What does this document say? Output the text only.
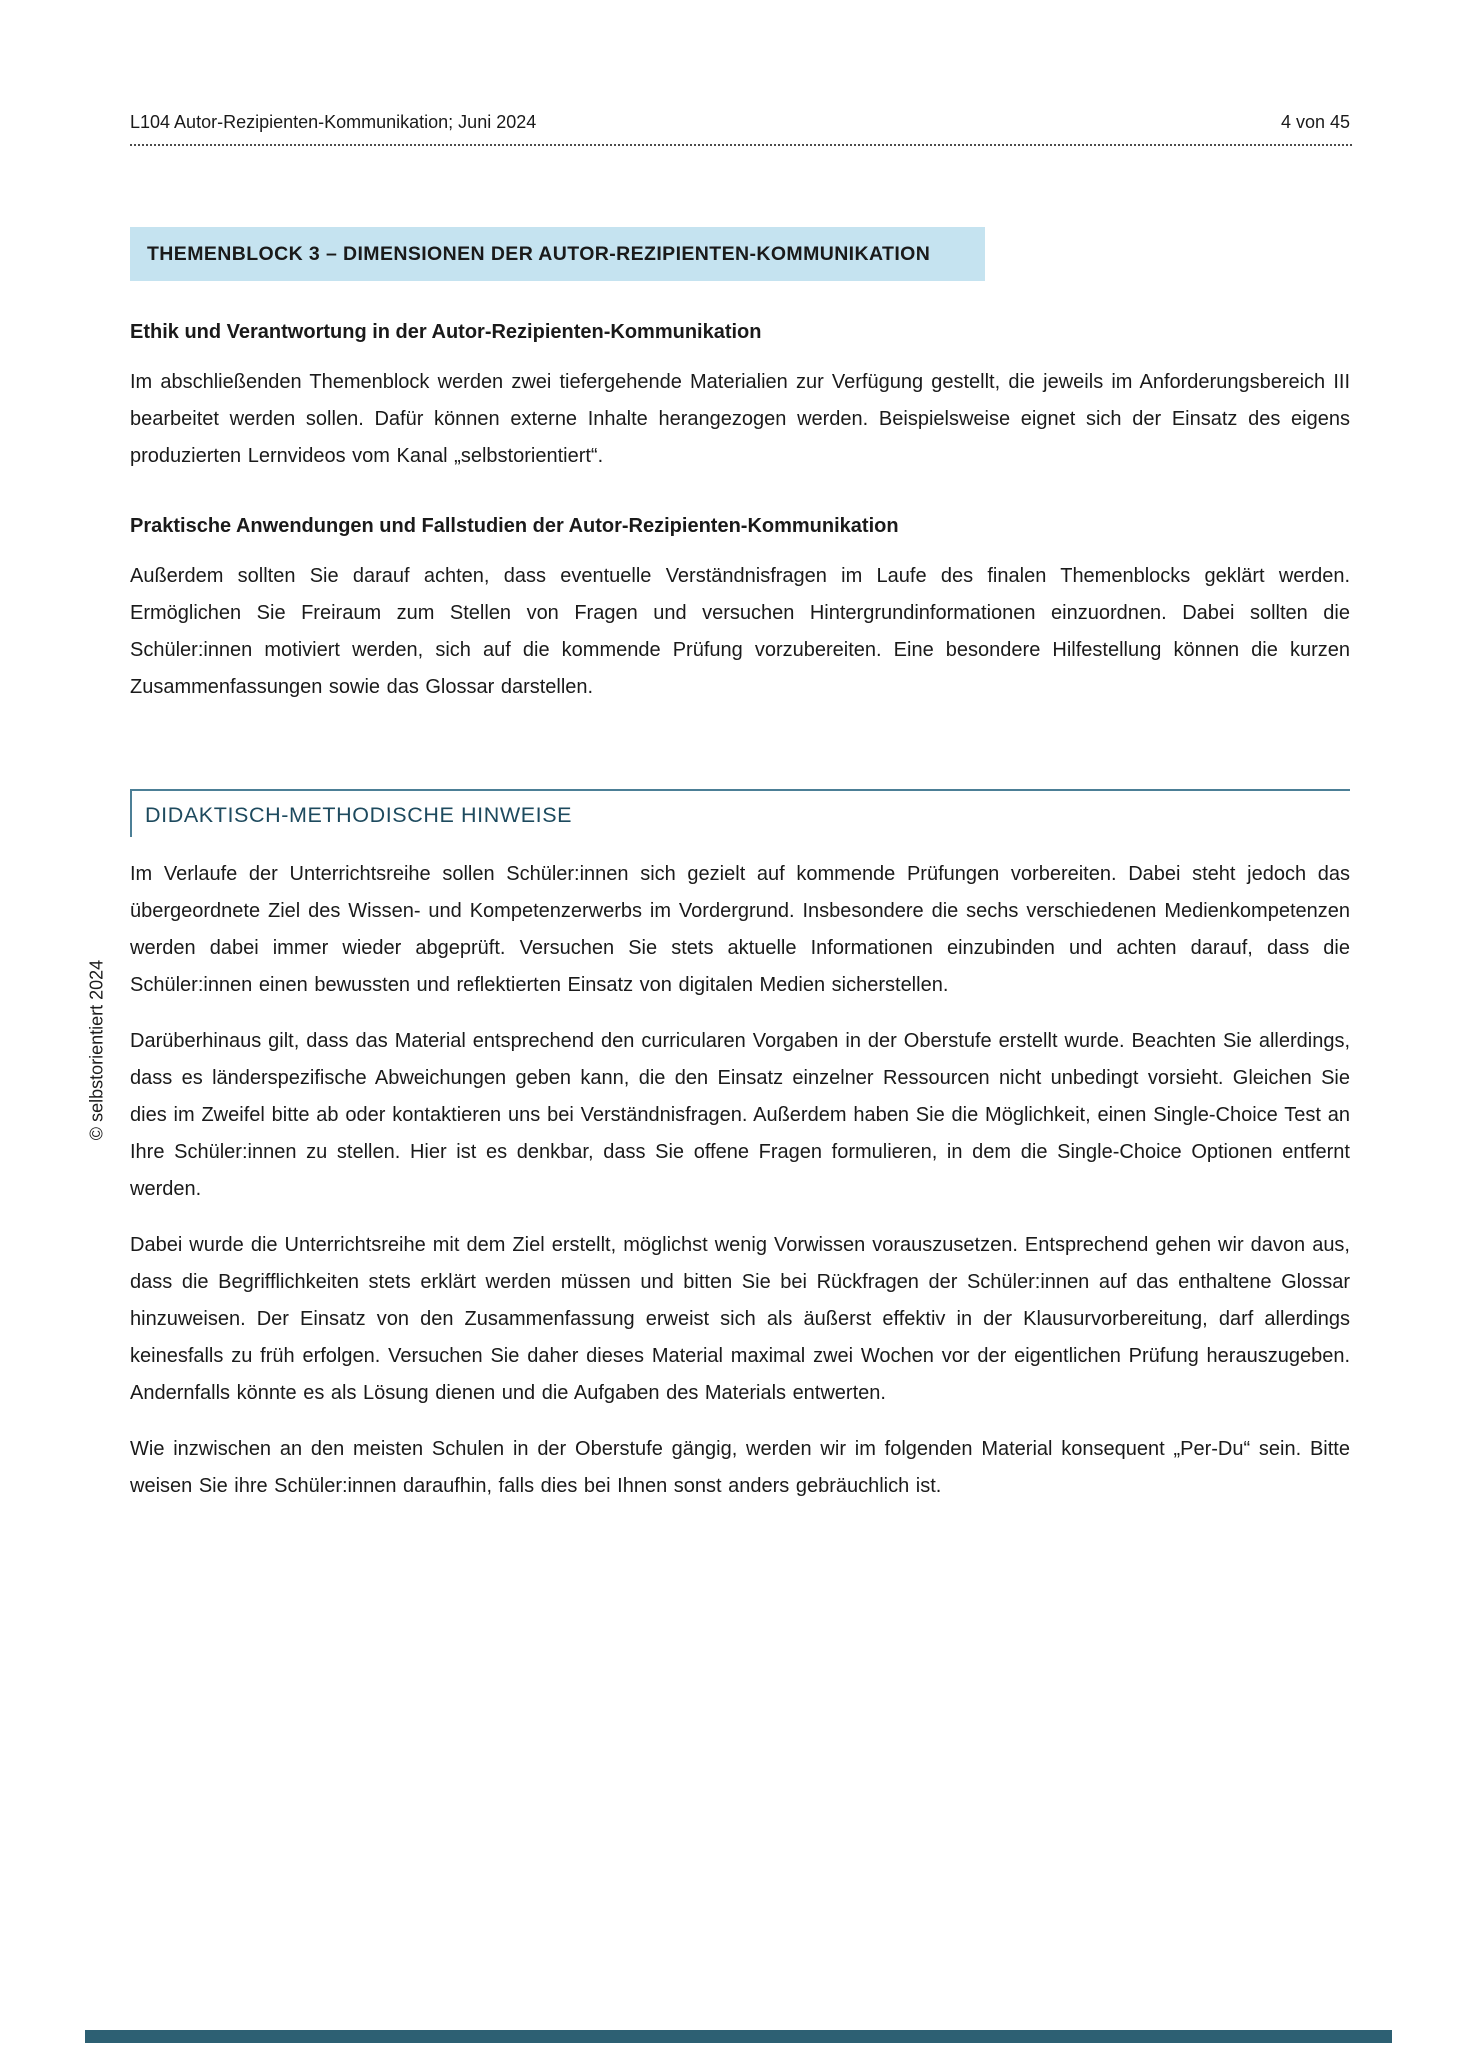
L104 Autor-Rezipienten-Kommunikation; Juni 2024	4 von 45
THEMENBLOCK 3 – DIMENSIONEN DER AUTOR-REZIPIENTEN-KOMMUNIKATION
Ethik und Verantwortung in der Autor-Rezipienten-Kommunikation

Im abschließenden Themenblock werden zwei tiefergehende Materialien zur Verfügung gestellt, die jeweils im Anforderungsbereich III bearbeitet werden sollen. Dafür können externe Inhalte herangezogen werden. Beispielsweise eignet sich der Einsatz des eigens produzierten Lernvideos vom Kanal „selbstorientiert“.

Praktische Anwendungen und Fallstudien der Autor-Rezipienten-Kommunikation

Außerdem sollten Sie darauf achten, dass eventuelle Verständnisfragen im Laufe des finalen Themenblocks geklärt werden. Ermöglichen Sie Freiraum zum Stellen von Fragen und versuchen Hintergrundinformationen einzuordnen. Dabei sollten die Schüler:innen motiviert werden, sich auf die kommende Prüfung vorzubereiten. Eine besondere Hilfestellung können die kurzen Zusammenfassungen sowie das Glossar darstellen.

DIDAKTISCH-METHODISCHE HINWEISE

Im Verlaufe der Unterrichtsreihe sollen Schüler:innen sich gezielt auf kommende Prüfungen vorbereiten. Dabei steht jedoch das übergeordnete Ziel des Wissen- und Kompetenzerwerbs im Vordergrund. Insbesondere die sechs verschiedenen Medienkompetenzen werden dabei immer wieder abgeprüft. Versuchen Sie stets aktuelle Informationen einzubinden und achten darauf, dass die Schüler:innen einen bewussten und reflektierten Einsatz von digitalen Medien sicherstellen.

Darüberhinaus gilt, dass das Material entsprechend den curricularen Vorgaben in der Oberstufe erstellt wurde. Beachten Sie allerdings, dass es länderspezifische Abweichungen geben kann, die den Einsatz einzelner Ressourcen nicht unbedingt vorsieht. Gleichen Sie dies im Zweifel bitte ab oder kontaktieren uns bei Verständnisfragen. Außerdem haben Sie die Möglichkeit, einen Single-Choice Test an Ihre Schüler:innen zu stellen. Hier ist es denkbar, dass Sie offene Fragen formulieren, in dem die Single-Choice Optionen entfernt werden.

Dabei wurde die Unterrichtsreihe mit dem Ziel erstellt, möglichst wenig Vorwissen vorauszusetzen. Entsprechend gehen wir davon aus, dass die Begrifflichkeiten stets erklärt werden müssen und bitten Sie bei Rückfragen der Schüler:innen auf das enthaltene Glossar hinzuweisen. Der Einsatz von den Zusammenfassung erweist sich als äußerst effektiv in der Klausurvorbereitung, darf allerdings keinesfalls zu früh erfolgen. Versuchen Sie daher dieses Material maximal zwei Wochen vor der eigentlichen Prüfung herauszugeben. Andernfalls könnte es als Lösung dienen und die Aufgaben des Materials entwerten.

Wie inzwischen an den meisten Schulen in der Oberstufe gängig, werden wir im folgenden Material konsequent „Per-Du“ sein. Bitte weisen Sie ihre Schüler:innen daraufhin, falls dies bei Ihnen sonst anders gebräuchlich ist.

© selbstorientiert 2024
